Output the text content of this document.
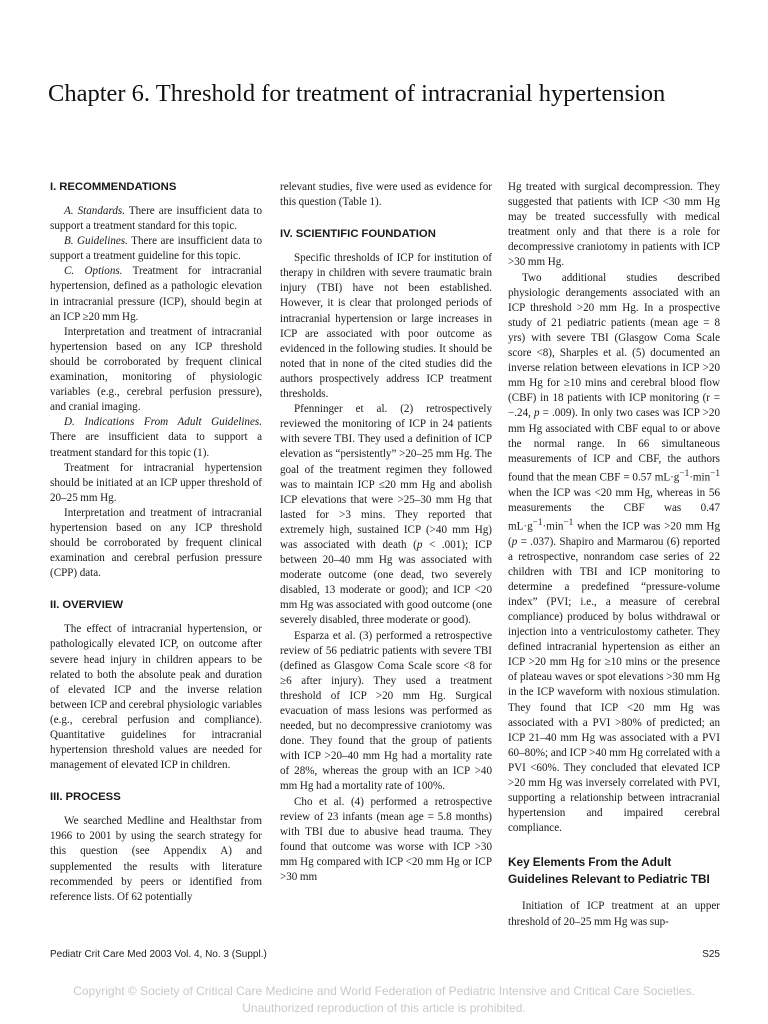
Chapter 6. Threshold for treatment of intracranial hypertension
I. RECOMMENDATIONS

A. Standards. There are insufficient data to support a treatment standard for this topic.

B. Guidelines. There are insufficient data to support a treatment guideline for this topic.

C. Options. Treatment for intracranial hypertension, defined as a pathologic elevation in intracranial pressure (ICP), should begin at an ICP ≥20 mm Hg.

Interpretation and treatment of intracranial hypertension based on any ICP threshold should be corroborated by frequent clinical examination, monitoring of physiologic variables (e.g., cerebral perfusion pressure), and cranial imaging.

D. Indications From Adult Guidelines. There are insufficient data to support a treatment standard for this topic (1).

Treatment for intracranial hypertension should be initiated at an ICP upper threshold of 20–25 mm Hg.

Interpretation and treatment of intracranial hypertension based on any ICP threshold should be corroborated by frequent clinical examination and cerebral perfusion pressure (CPP) data.

II. OVERVIEW

The effect of intracranial hypertension, or pathologically elevated ICP, on outcome after severe head injury in children appears to be related to both the absolute peak and duration of elevated ICP and the inverse relation between ICP and cerebral physiologic variables (e.g., cerebral perfusion and compliance). Quantitative guidelines for intracranial hypertension threshold values are needed for management of elevated ICP in children.

III. PROCESS

We searched Medline and Healthstar from 1966 to 2001 by using the search strategy for this question (see Appendix A) and supplemented the results with literature recommended by peers or identified from reference lists. Of 62 potentially

relevant studies, five were used as evidence for this question (Table 1).

IV. SCIENTIFIC FOUNDATION

Specific thresholds of ICP for institution of therapy in children with severe traumatic brain injury (TBI) have not been established. However, it is clear that prolonged periods of intracranial hypertension or large increases in ICP are associated with poor outcome as evidenced in the following studies. It should be noted that in none of the cited studies did the authors prospectively address ICP treatment thresholds.

Pfenninger et al. (2) retrospectively reviewed the monitoring of ICP in 24 patients with severe TBI. They used a definition of ICP elevation as “persistently” >20–25 mm Hg. The goal of the treatment regimen they followed was to maintain ICP ≤20 mm Hg and abolish ICP elevations that were >25–30 mm Hg that lasted for >3 mins. They reported that extremely high, sustained ICP (>40 mm Hg) was associated with death (p < .001); ICP between 20–40 mm Hg was associated with moderate outcome (one dead, two severely disabled, 13 moderate or good); and ICP <20 mm Hg was associated with good outcome (one severely disabled, three moderate or good).

Esparza et al. (3) performed a retrospective review of 56 pediatric patients with severe TBI (defined as Glasgow Coma Scale score <8 for ≥6 after injury). They used a treatment threshold of ICP >20 mm Hg. Surgical evacuation of mass lesions was performed as needed, but no decompressive craniotomy was done. They found that the group of patients with ICP >20–40 mm Hg had a mortality rate of 28%, whereas the group with an ICP >40 mm Hg had a mortality rate of 100%.

Cho et al. (4) performed a retrospective review of 23 infants (mean age = 5.8 months) with TBI due to abusive head trauma. They found that outcome was worse with ICP >30 mm Hg compared with ICP <20 mm Hg or ICP >30 mm

Hg treated with surgical decompression. They suggested that patients with ICP <30 mm Hg may be treated successfully with medical treatment only and that there is a role for decompressive craniotomy in patients with ICP >30 mm Hg.

Two additional studies described physiologic derangements associated with an ICP threshold >20 mm Hg. In a prospective study of 21 pediatric patients (mean age = 8 yrs) with severe TBI (Glasgow Coma Scale score <8), Sharples et al. (5) documented an inverse relation between elevations in ICP >20 mm Hg for ≥10 mins and cerebral blood flow (CBF) in 18 patients with ICP monitoring (r = −.24, p = .009). In only two cases was ICP >20 mm Hg associated with CBF equal to or above the normal range. In 66 simultaneous measurements of ICP and CBF, the authors found that the mean CBF = 0.57 $mL\cdot g^{-1}\cdot\min^{-1}$ when the ICP was <20 mm Hg, whereas in 56 measurements the CBF was 0.47 $mL\cdot g^{-1}\cdot\min^{-1}$ when the ICP was >20 mm Hg (p = .037). Shapiro and Marmarou (6) reported a retrospective, nonrandom case series of 22 children with TBI and ICP monitoring to determine a predefined “pressure-volume index” (PVI; i.e., a measure of cerebral compliance) produced by bolus withdrawal or injection into a ventriculostomy catheter. They defined intracranial hypertension as either an ICP >20 mm Hg for ≥10 mins or the presence of plateau waves or spot elevations >30 mm Hg in the ICP waveform with noxious stimulation. They found that ICP <20 mm Hg was associated with a PVI >80% of predicted; an ICP 21–40 mm Hg was associated with a PVI 60–80%; and ICP >40 mm Hg correlated with a PVI <60%. They concluded that elevated ICP >20 mm Hg was inversely correlated with PVI, supporting a relationship between intracranial hypertension and impaired cerebral compliance.

Key Elements From the Adult Guidelines Relevant to Pediatric TBI

Initiation of ICP treatment at an upper threshold of 20–25 mm Hg was sup-

Pediatr Crit Care Med 2003 Vol. 4, No. 3 (Suppl.)	S25
Copyright © Society of Critical Care Medicine and World Federation of Pediatric Intensive and Critical Care Societies.
Unauthorized reproduction of this article is prohibited.
